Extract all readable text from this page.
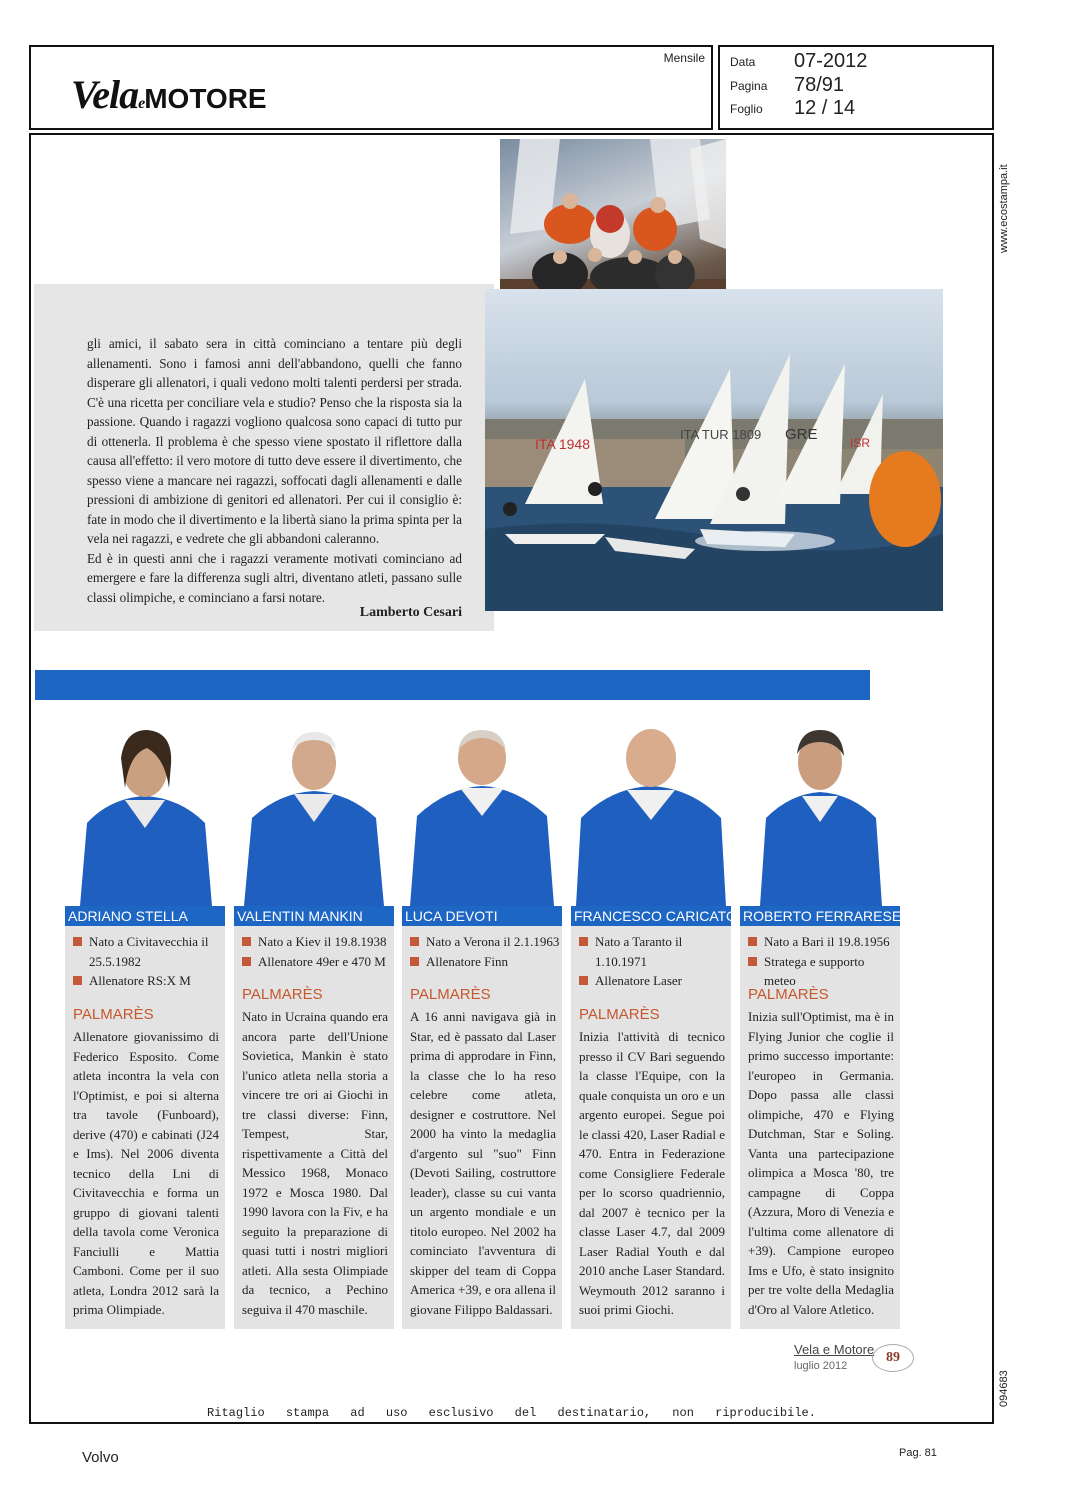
VelaeMOTORE
Mensile Data 07-2012
Pagina 78/91
Foglio 12 / 14
www.ecostampa.it
094683
ITA 1948
ITA TUR 1809 GRE	ISR

gli amici, il sabato sera in città cominciano a tentare più degli allenamenti. Sono i famosi anni dell'abbandono, quelli che fanno disperare gli allenatori, i quali vedono molti talenti perdersi per strada. C'è una ricetta per conciliare vela e studio? Penso che la risposta sia la passione. Quando i ragazzi vogliono qualcosa sono capaci di tutto pur di ottenerla. Il problema è che spesso viene spostato il riflettore dalla causa all'effetto: il vero motore di tutto deve essere il divertimento, che spesso viene a mancare nei ragazzi, soffocati dagli allenamenti e dalle pressioni di ambizione di genitori ed allenatori. Per cui il consiglio è: fate in modo che il divertimento e la libertà siano la prima spinta per la vela nei ragazzi, e vedrete che gli abbandoni caleranno.

Ed è in questi anni che i ragazzi veramente motivati cominciano ad emergere e fare la differenza sugli altri, diventano atleti, passano sulle classi olimpiche, e cominciano a farsi notare.

Lamberto Cesari
ADRIANO STELLA
Nato a Civitavecchia il 25.5.1982
Allenatore RS:X M
PALMARÈS
Allenatore giovanissimo di Federico Esposito. Come atleta incontra la vela con l'Optimist, e poi si alterna tra tavole (Funboard), derive (470) e cabinati (J24 e Ims). Nel 2006 diventa tecnico della Lni di Civitavecchia e forma un gruppo di giovani talenti della tavola come Veronica Fanciulli e Mattia Camboni. Come per il suo atleta, Londra 2012 sarà la prima Olimpiade.
VALENTIN MANKIN
Nato a Kiev il 19.8.1938
Allenatore 49er e 470 M
PALMARÈS
Nato in Ucraina quando era ancora parte dell'Unione Sovietica, Mankin è stato l'unico atleta nella storia a vincere tre ori ai Giochi in tre classi diverse: Finn, Tempest, Star, rispettivamente a Città del Messico 1968, Monaco 1972 e Mosca 1980. Dal 1990 lavora con la Fiv, e ha seguito la preparazione di quasi tutti i nostri migliori atleti. Alla sesta Olimpiade da tecnico, a Pechino seguiva il 470 maschile.
LUCA DEVOTI
Nato a Verona il 2.1.1963
Allenatore Finn
PALMARÈS
A 16 anni navigava già in Star, ed è passato dal Laser prima di approdare in Finn, la classe che lo ha reso celebre come atleta, designer e costruttore. Nel 2000 ha vinto la medaglia d'argento sul "suo" Finn (Devoti Sailing, costruttore leader), classe su cui vanta un argento mondiale e un titolo europeo. Nel 2002 ha cominciato l'avventura di skipper del team di Coppa America +39, e ora allena il giovane Filippo Baldassari.
FRANCESCO CARICATO
Nato a Taranto il 1.10.1971
Allenatore Laser
PALMARÈS
Inizia l'attività di tecnico presso il CV Bari seguendo la classe l'Equipe, con la quale conquista un oro e un argento europei. Segue poi le classi 420, Laser Radial e 470. Entra in Federazione come Consigliere Federale per lo scorso quadriennio, dal 2007 è tecnico per la classe Laser 4.7, dal 2009 Laser Radial Youth e dal 2010 anche Laser Standard. Weymouth 2012 saranno i suoi primi Giochi.
ROBERTO FERRARESE
Nato a Bari il 19.8.1956
Stratega e supporto meteo
PALMARÈS
Inizia sull'Optimist, ma è in Flying Junior che coglie il primo successo importante: l'europeo in Germania. Dopo passa alle classi olimpiche, 470 e Flying Dutchman, Star e Soling. Vanta una partecipazione olimpica a Mosca '80, tre campagne di Coppa (Azzura, Moro di Venezia e l'ultima come allenatore di +39). Campione europeo Ims e Ufo, è stato insignito per tre volte della Medaglia d'Oro al Valore Atletico.
Vela e Motore
luglio 2012
89
Ritaglio stampa ad uso esclusivo del destinatario, non riproducibile.
Volvo	Pag. 81
